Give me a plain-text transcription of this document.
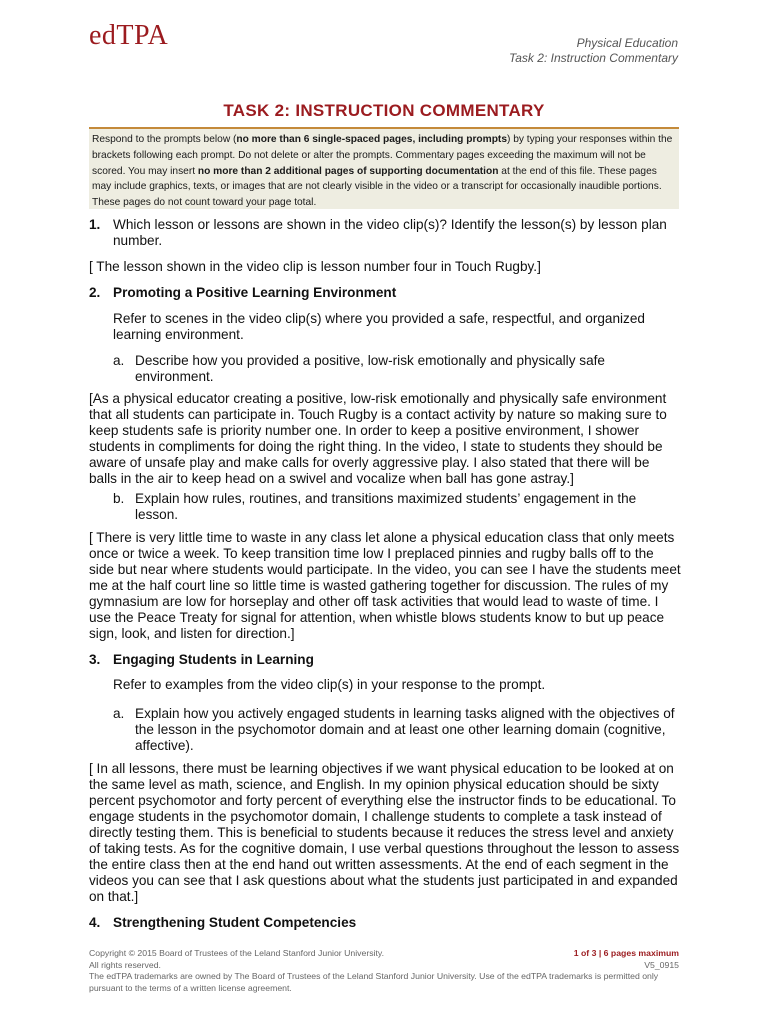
edTPA	Physical Education
Task 2: Instruction Commentary
TASK 2: INSTRUCTION COMMENTARY
Respond to the prompts below (no more than 6 single-spaced pages, including prompts) by typing your responses within the brackets following each prompt. Do not delete or alter the prompts. Commentary pages exceeding the maximum will not be scored. You may insert no more than 2 additional pages of supporting documentation at the end of this file. These pages may include graphics, texts, or images that are not clearly visible in the video or a transcript for occasionally inaudible portions. These pages do not count toward your page total.
1. Which lesson or lessons are shown in the video clip(s)? Identify the lesson(s) by lesson plan number.

[ The lesson shown in the video clip is lesson number four in Touch Rugby.]

2. Promoting a Positive Learning Environment

Refer to scenes in the video clip(s) where you provided a safe, respectful, and organized learning environment.

a. Describe how you provided a positive, low-risk emotionally and physically safe environment.

[As a physical educator creating a positive, low-risk emotionally and physically safe environment that all students can participate in. Touch Rugby is a contact activity by nature so making sure to keep students safe is priority number one. In order to keep a positive environment, I shower students in compliments for doing the right thing. In the video, I state to students they should be aware of unsafe play and make calls for overly aggressive play. I also stated that there will be balls in the air to keep head on a swivel and vocalize when ball has gone astray.]

b. Explain how rules, routines, and transitions maximized students’ engagement in the lesson.

[ There is very little time to waste in any class let alone a physical education class that only meets once or twice a week. To keep transition time low I preplaced pinnies and rugby balls off to the side but near where students would participate. In the video, you can see I have the students meet me at the half court line so little time is wasted gathering together for discussion. The rules of my gymnasium are low for horseplay and other off task activities that would lead to waste of time. I use the Peace Treaty for signal for attention, when whistle blows students know to but up peace sign, look, and listen for direction.]

3. Engaging Students in Learning

Refer to examples from the video clip(s) in your response to the prompt.

a. Explain how you actively engaged students in learning tasks aligned with the objectives of the lesson in the psychomotor domain and at least one other learning domain (cognitive, affective).

[ In all lessons, there must be learning objectives if we want physical education to be looked at on the same level as math, science, and English. In my opinion physical education should be sixty percent psychomotor and forty percent of everything else the instructor finds to be educational. To engage students in the psychomotor domain, I challenge students to complete a task instead of directly testing them. This is beneficial to students because it reduces the stress level and anxiety of taking tests. As for the cognitive domain, I use verbal questions throughout the lesson to assess the entire class then at the end hand out written assessments. At the end of each segment in the videos you can see that I ask questions about what the students just participated in and expanded on that.]

4. Strengthening Student Competencies
Copyright © 2015 Board of Trustees of the Leland Stanford Junior University.
All rights reserved.
The edTPA trademarks are owned by The Board of Trustees of the Leland Stanford Junior University. Use of the edTPA trademarks is permitted only pursuant to the terms of a written license agreement.
1 of 3 | 6 pages maximum
V5_0915
